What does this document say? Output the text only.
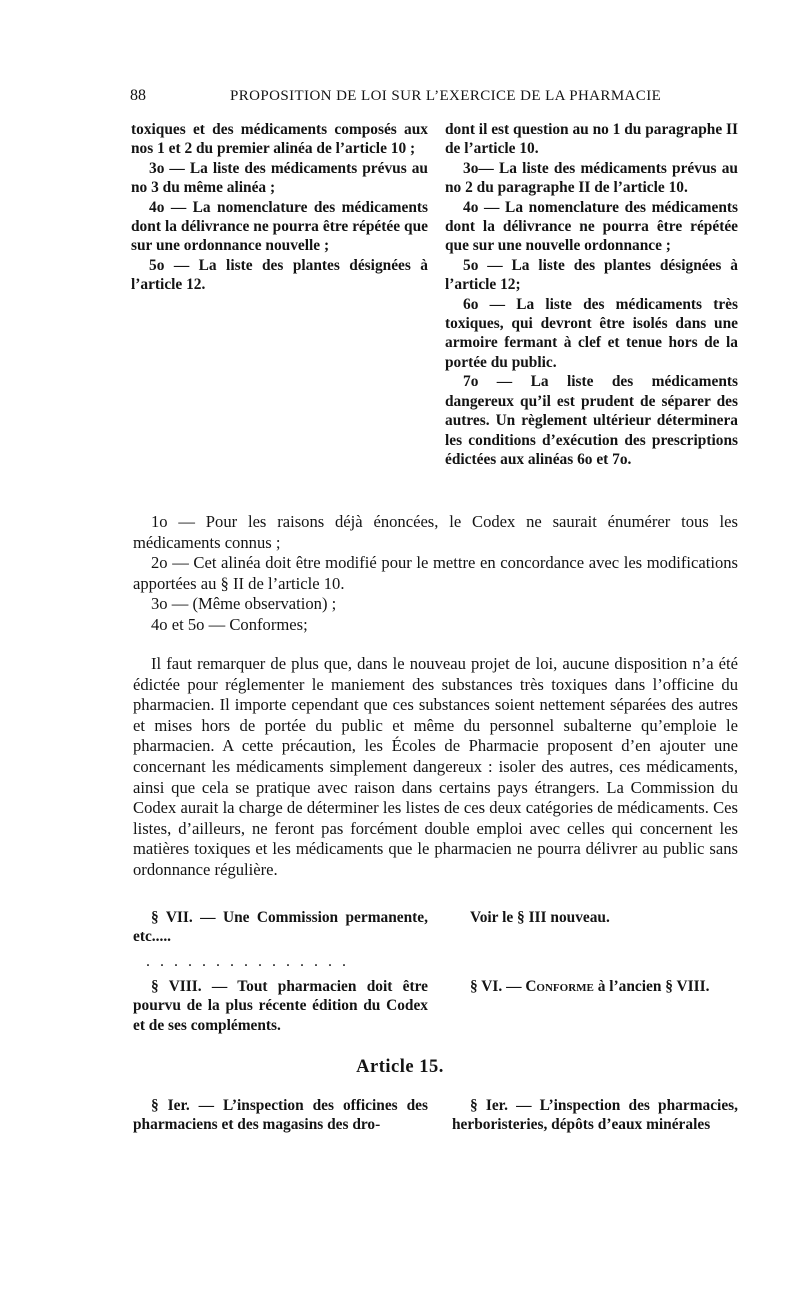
88	PROPOSITION DE LOI SUR L’EXERCICE DE LA PHARMACIE

toxiques et des médicaments composés aux nos 1 et 2 du premier alinéa de l’article 10 ;

3o — La liste des médicaments prévus au no 3 du même alinéa ;

4o — La nomenclature des médicaments dont la délivrance ne pourra être répétée que sur une ordonnance nouvelle ;

5o — La liste des plantes désignées à l’article 12.

dont il est question au no 1 du paragraphe II de l’article 10.

3o— La liste des médicaments prévus au no 2 du paragraphe II de l’article 10.

4o — La nomenclature des médicaments dont la délivrance ne pourra être répétée que sur une nouvelle ordonnance ;

5o — La liste des plantes désignées à l’article 12;

6o — La liste des médicaments très toxiques, qui devront être isolés dans une armoire fermant à clef et tenue hors de la portée du public.

7o — La liste des médicaments dangereux qu’il est prudent de séparer des autres. Un règlement ultérieur déterminera les conditions d’exécution des prescriptions édictées aux alinéas 6o et 7o.

1o — Pour les raisons déjà énoncées, le Codex ne saurait énumérer tous les médicaments connus ;

2o — Cet alinéa doit être modifié pour le mettre en concordance avec les modifications apportées au § II de l’article 10.

3o — (Même observation) ;

4o et 5o — Conformes;

Il faut remarquer de plus que, dans le nouveau projet de loi, aucune disposition n’a été édictée pour réglementer le maniement des substances très toxiques dans l’officine du pharmacien. Il importe cependant que ces substances soient nettement séparées des autres et mises hors de portée du public et même du personnel subalterne qu’emploie le pharmacien. A cette précaution, les Écoles de Pharmacie proposent d’en ajouter une concernant les médicaments simplement dangereux : isoler des autres, ces médicaments, ainsi que cela se pratique avec raison dans certains pays étrangers. La Commission du Codex aurait la charge de déterminer les listes de ces deux catégories de médicaments. Ces listes, d’ailleurs, ne feront pas forcément double emploi avec celles qui concernent les matières toxiques et les médicaments que le pharmacien ne pourra délivrer au public sans ordonnance régulière.

§ VII. — Une Commission permanente, etc.....

Voir le § III nouveau.

...............

§ VIII. — Tout pharmacien doit être pourvu de la plus récente édition du Codex et de ses compléments.

§ VI. — Conforme à l’ancien § VIII.

Article 15.

§ Ier. — L’inspection des officines des pharmaciens et des magasins des dro-

§ Ier. — L’inspection des pharmacies, herboristeries, dépôts d’eaux minérales
